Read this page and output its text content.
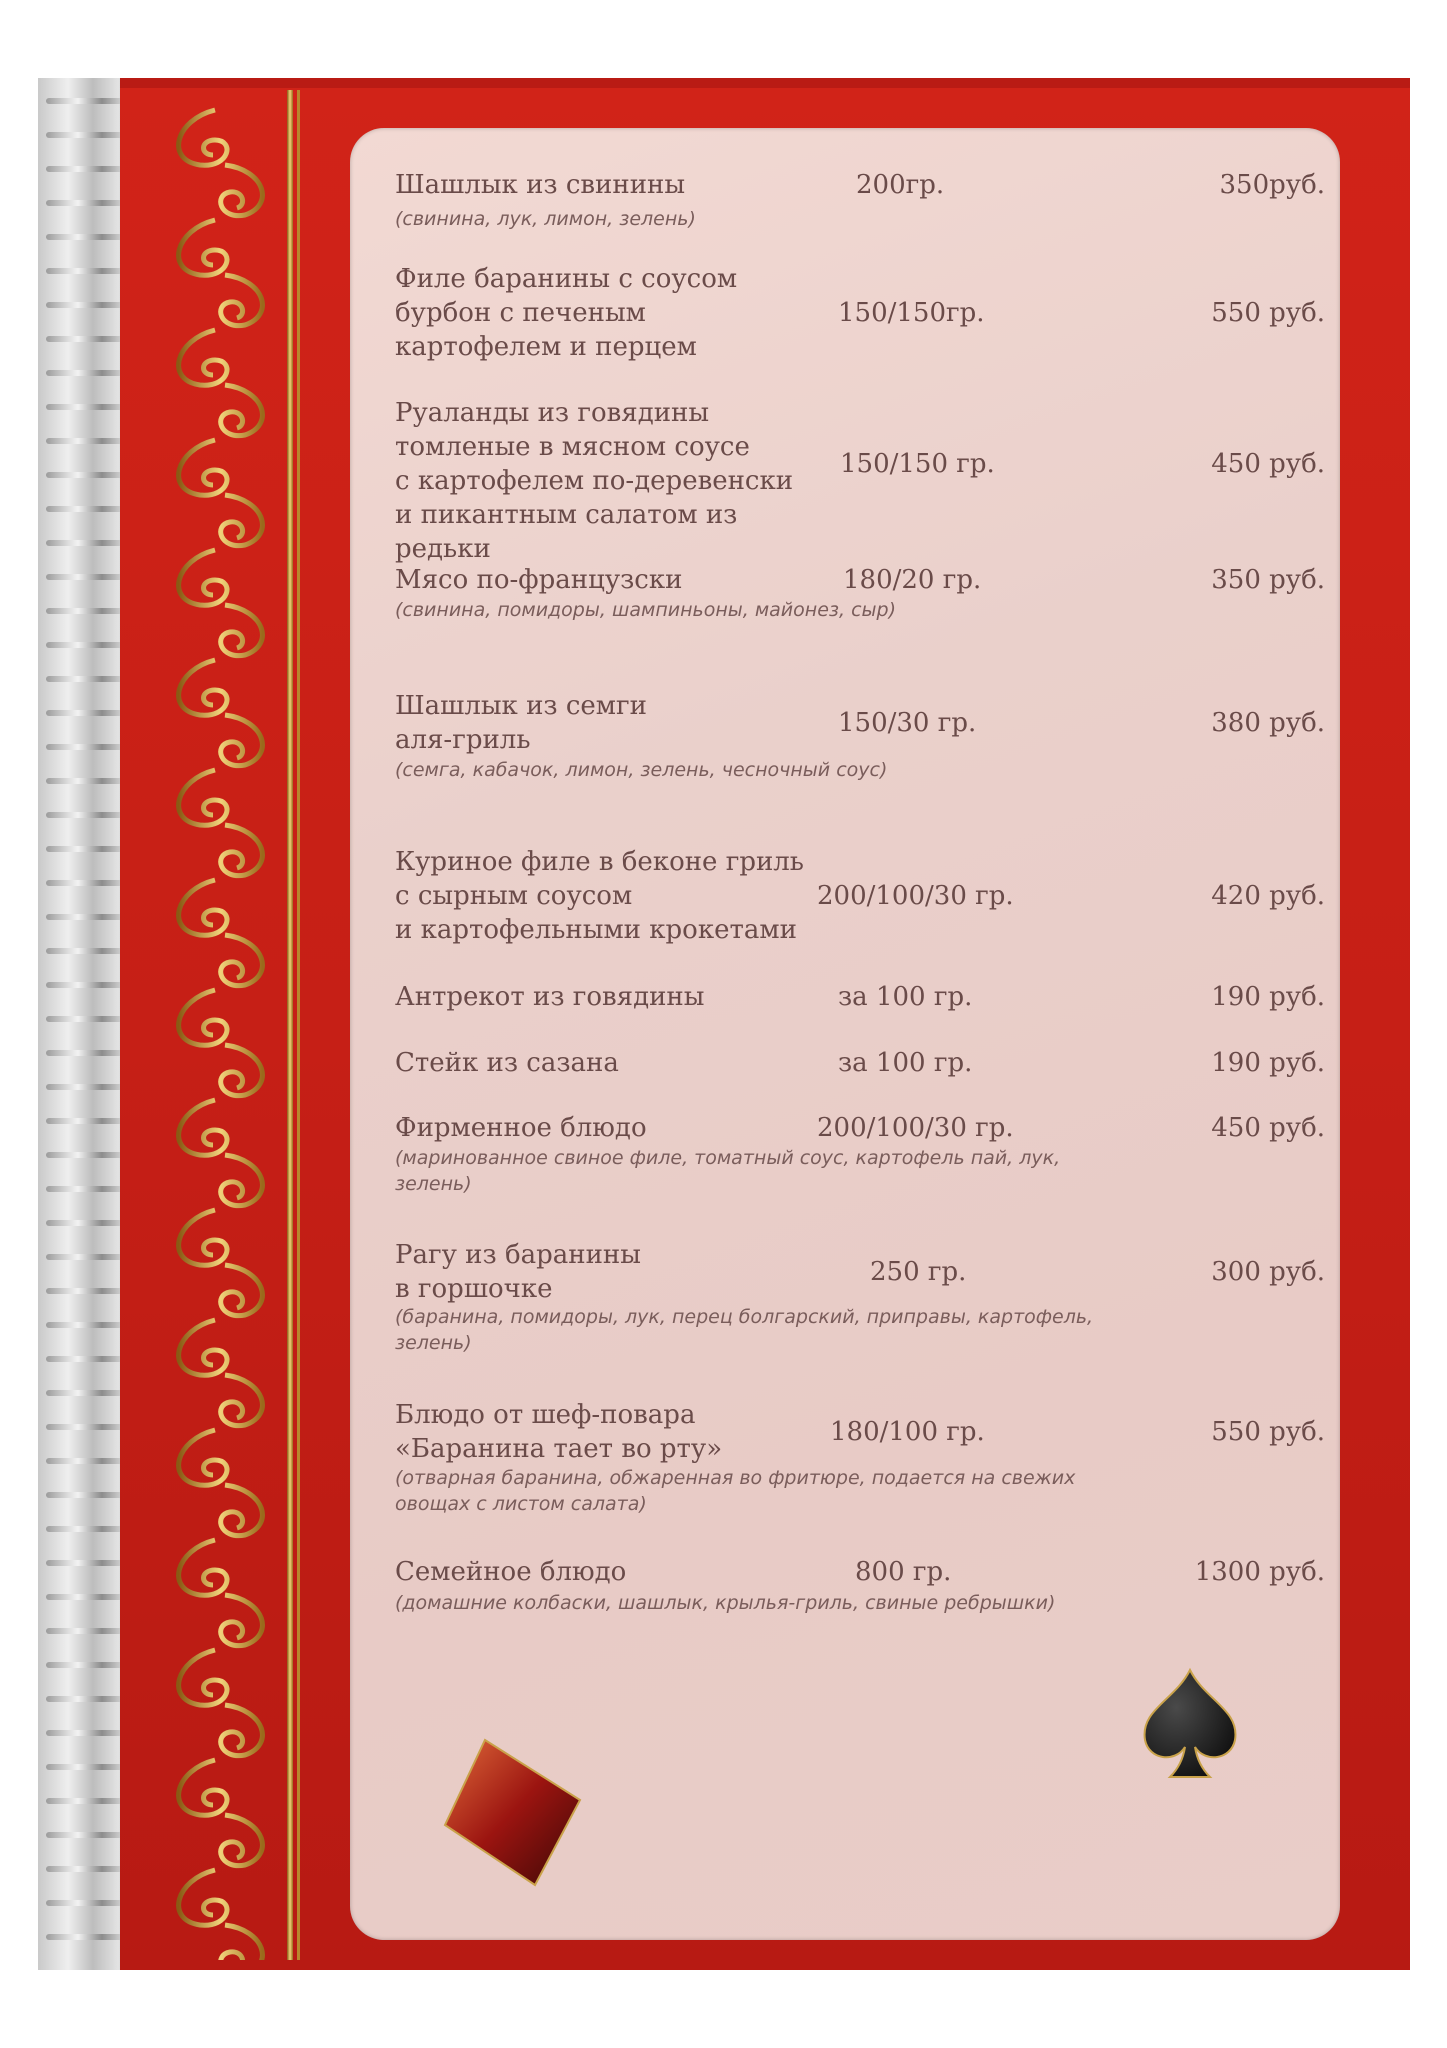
Шашлык из свинины	200гр.	350руб.
(свинина, лук, лимон, зелень)
Филе баранины с соусом
бурбон с печеным
картофелем и перцем
150/150гр.	550 руб.
Руаланды из говядины
томленые в мясном соусе
с картофелем по-деревенски
и пикантным салатом из редьки
150/150 гр.	450 руб.
Мясо по-французски	180/20 гр.	350 руб.
(свинина, помидоры, шампиньоны, майонез, сыр)
Шашлык из семги
аля-гриль
150/30 гр.	380 руб.
(семга, кабачок, лимон, зелень, чесночный соус)
Куриное филе в беконе гриль
с сырным соусом
и картофельными крокетами
200/100/30 гр.	420 руб.
Антрекот из говядины	за 100 гр.	190 руб.
Стейк из сазана	за 100 гр.	190 руб.
Фирменное блюдо	200/100/30 гр.	450 руб.
(маринованное свиное филе, томатный соус, картофель пай, лук,
зелень)
Рагу из баранины
в горшочке
250 гр.	300 руб.
(баранина, помидоры, лук, перец болгарский, приправы, картофель,
зелень)
Блюдо от шеф-повара
«Баранина тает во рту»
180/100 гр.	550 руб.
(отварная баранина, обжаренная во фритюре, подается на свежих
овощах с листом салата)
Семейное блюдо	800 гр.	1300 руб.
(домашние колбаски, шашлык, крылья-гриль, свиные ребрышки)
